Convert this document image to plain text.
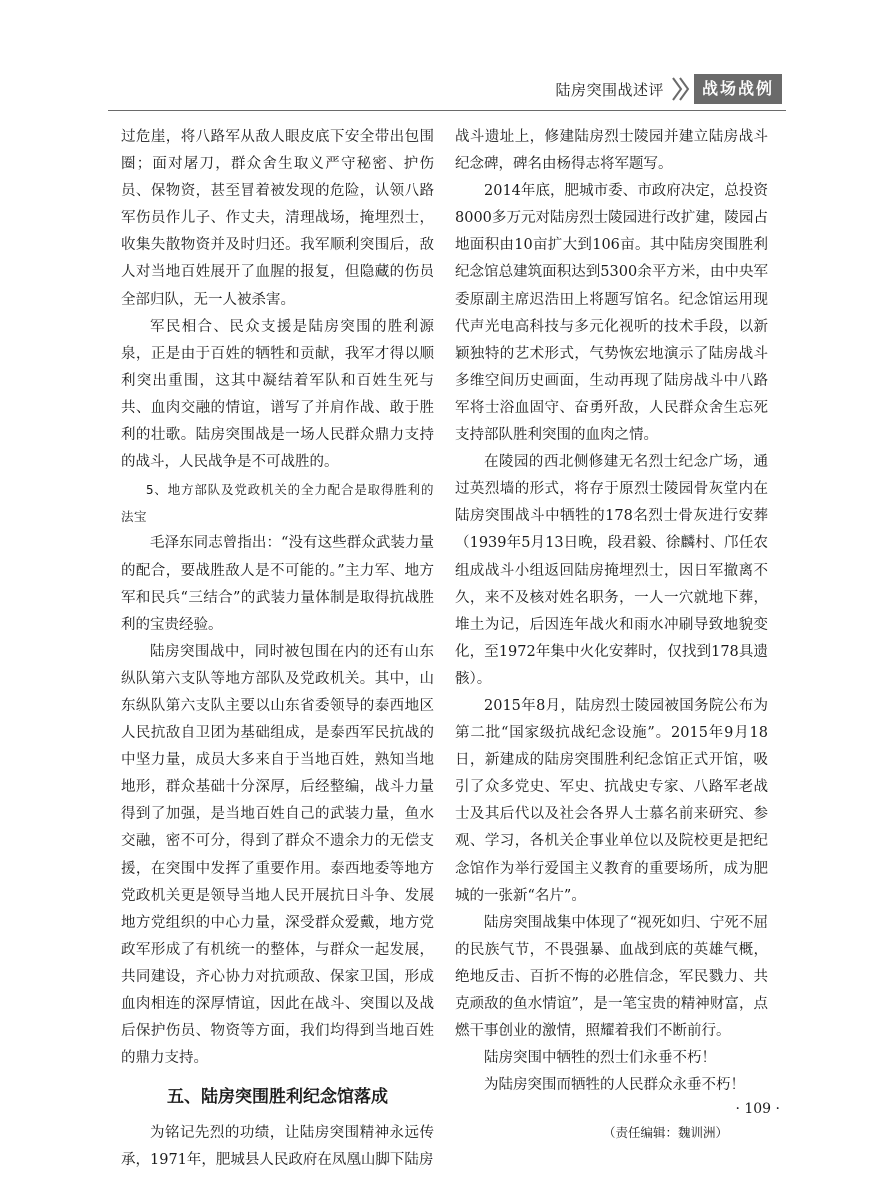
陆房突围战述评	战场战例

过危崖，将八路军从敌人眼皮底下安全带出包围圈；面对屠刀，群众舍生取义严守秘密、护伤员、保物资，甚至冒着被发现的危险，认领八路军伤员作儿子、作丈夫，清理战场，掩埋烈士，收集失散物资并及时归还。我军顺利突围后，敌人对当地百姓展开了血腥的报复，但隐藏的伤员全部归队，无一人被杀害。

军民相合、民众支援是陆房突围的胜利源泉，正是由于百姓的牺牲和贡献，我军才得以顺利突出重围，这其中凝结着军队和百姓生死与共、血肉交融的情谊，谱写了并肩作战、敢于胜利的壮歌。陆房突围战是一场人民群众鼎力支持的战斗，人民战争是不可战胜的。

5、地方部队及党政机关的全力配合是取得胜利的法宝

毛泽东同志曾指出：“没有这些群众武装力量的配合，要战胜敌人是不可能的。”主力军、地方军和民兵“三结合”的武装力量体制是取得抗战胜利的宝贵经验。

陆房突围战中，同时被包围在内的还有山东纵队第六支队等地方部队及党政机关。其中，山东纵队第六支队主要以山东省委领导的泰西地区人民抗敌自卫团为基础组成，是泰西军民抗战的中坚力量，成员大多来自于当地百姓，熟知当地地形，群众基础十分深厚，后经整编，战斗力量得到了加强，是当地百姓自己的武装力量，鱼水交融，密不可分，得到了群众不遗余力的无偿支援，在突围中发挥了重要作用。泰西地委等地方党政机关更是领导当地人民开展抗日斗争、发展地方党组织的中心力量，深受群众爱戴，地方党政军形成了有机统一的整体，与群众一起发展，共同建设，齐心协力对抗顽敌、保家卫国，形成血肉相连的深厚情谊，因此在战斗、突围以及战后保护伤员、物资等方面，我们均得到当地百姓的鼎力支持。

五、陆房突围胜利纪念馆落成

为铭记先烈的功绩，让陆房突围精神永远传承，1971年，肥城县人民政府在凤凰山脚下陆房

战斗遗址上，修建陆房烈士陵园并建立陆房战斗纪念碑，碑名由杨得志将军题写。

2014年底，肥城市委、市政府决定，总投资8000多万元对陆房烈士陵园进行改扩建，陵园占地面积由10亩扩大到106亩。其中陆房突围胜利纪念馆总建筑面积达到5300余平方米，由中央军委原副主席迟浩田上将题写馆名。纪念馆运用现代声光电高科技与多元化视听的技术手段，以新颖独特的艺术形式，气势恢宏地演示了陆房战斗多维空间历史画面，生动再现了陆房战斗中八路军将士浴血固守、奋勇歼敌，人民群众舍生忘死支持部队胜利突围的血肉之情。

在陵园的西北侧修建无名烈士纪念广场，通过英烈墙的形式，将存于原烈士陵园骨灰堂内在陆房突围战斗中牺牲的178名烈士骨灰进行安葬（1939年5月13日晚，段君毅、徐麟村、邝任农组成战斗小组返回陆房掩埋烈士，因日军撤离不久，来不及核对姓名职务，一人一穴就地下葬，堆土为记，后因连年战火和雨水冲刷导致地貌变化，至1972年集中火化安葬时，仅找到178具遗骸）。

2015年8月，陆房烈士陵园被国务院公布为第二批“国家级抗战纪念设施”。2015年9月18日，新建成的陆房突围胜利纪念馆正式开馆，吸引了众多党史、军史、抗战史专家、八路军老战士及其后代以及社会各界人士慕名前来研究、参观、学习，各机关企事业单位以及院校更是把纪念馆作为举行爱国主义教育的重要场所，成为肥城的一张新“名片”。

陆房突围战集中体现了“视死如归、宁死不屈的民族气节，不畏强暴、血战到底的英雄气概，绝地反击、百折不悔的必胜信念，军民戮力、共克顽敌的鱼水情谊”，是一笔宝贵的精神财富，点燃干事创业的激情，照耀着我们不断前行。

陆房突围中牺牲的烈士们永垂不朽！

为陆房突围而牺牲的人民群众永垂不朽！

（责任编辑：魏训洲）

· 109 ·
